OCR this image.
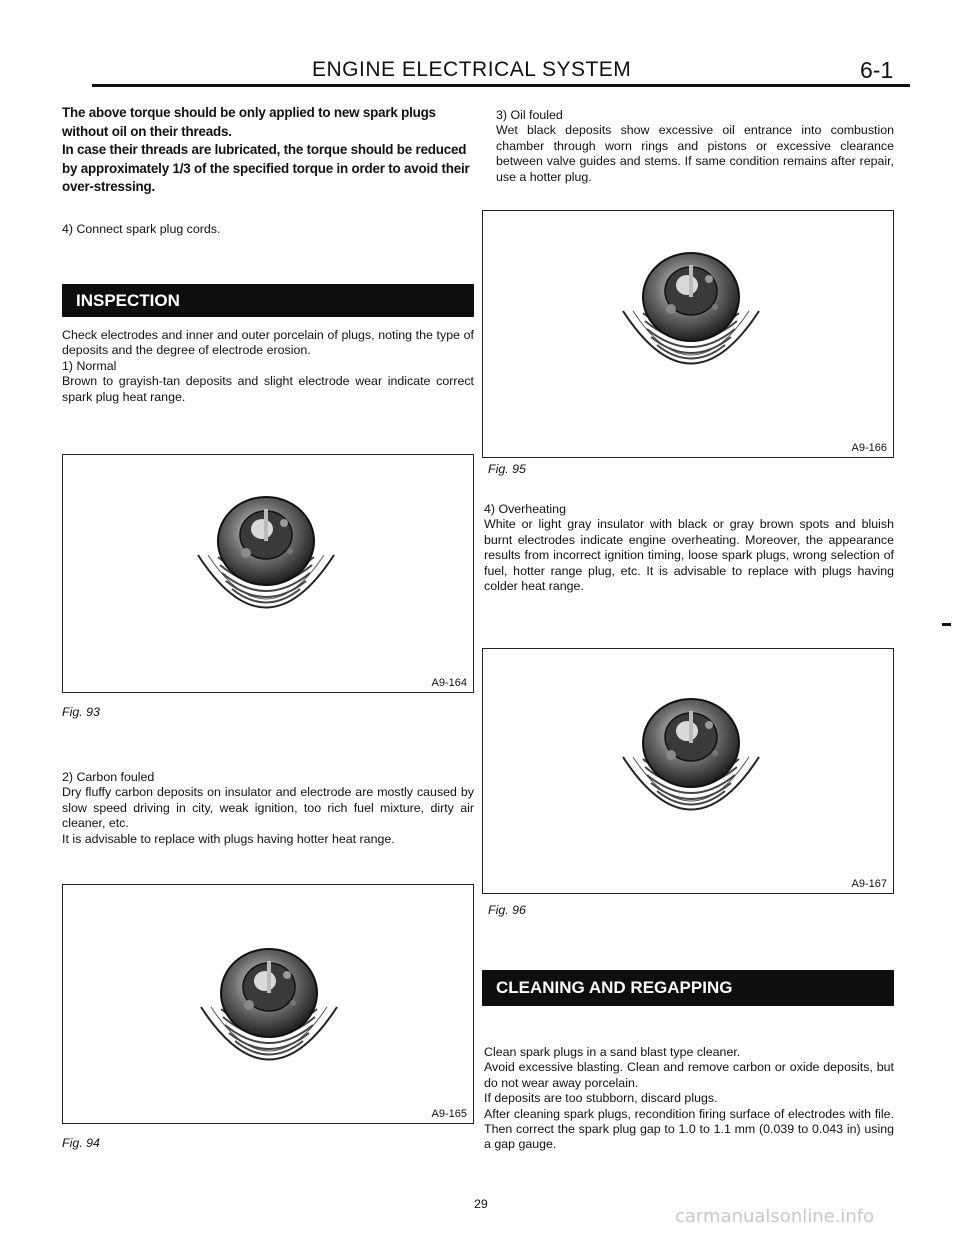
ENGINE ELECTRICAL SYSTEM	6-1

The above torque should be only applied to new spark plugs without oil on their threads.

In case their threads are lubricated, the torque should be reduced by approximately 1/3 of the specified torque in order to avoid their over-stressing.

4) Connect spark plug cords.
INSPECTION

Check electrodes and inner and outer porcelain of plugs, noting the type of deposits and the degree of electrode erosion.

1) Normal

Brown to grayish-tan deposits and slight electrode wear indicate correct spark plug heat range.

A9-164
Fig. 93

2) Carbon fouled

Dry fluffy carbon deposits on insulator and electrode are mostly caused by slow speed driving in city, weak ignition, too rich fuel mixture, dirty air cleaner, etc.

It is advisable to replace with plugs having hotter heat range.

A9-165
Fig. 94

3) Oil fouled

Wet black deposits show excessive oil entrance into combustion chamber through worn rings and pistons or excessive clearance between valve guides and stems. If same condition remains after repair, use a hotter plug.

A9-166
Fig. 95

4) Overheating

White or light gray insulator with black or gray brown spots and bluish burnt electrodes indicate engine overheating. Moreover, the appearance results from incorrect ignition timing, loose spark plugs, wrong selection of fuel, hotter range plug, etc. It is advisable to replace with plugs having colder heat range.

A9-167
Fig. 96
CLEANING AND REGAPPING

Clean spark plugs in a sand blast type cleaner.

Avoid excessive blasting. Clean and remove carbon or oxide deposits, but do not wear away porcelain.

If deposits are too stubborn, discard plugs.

After cleaning spark plugs, recondition firing surface of electrodes with file. Then correct the spark plug gap to 1.0 to 1.1 mm (0.039 to 0.043 in) using a gap gauge.

29
carmanualsonline.info
